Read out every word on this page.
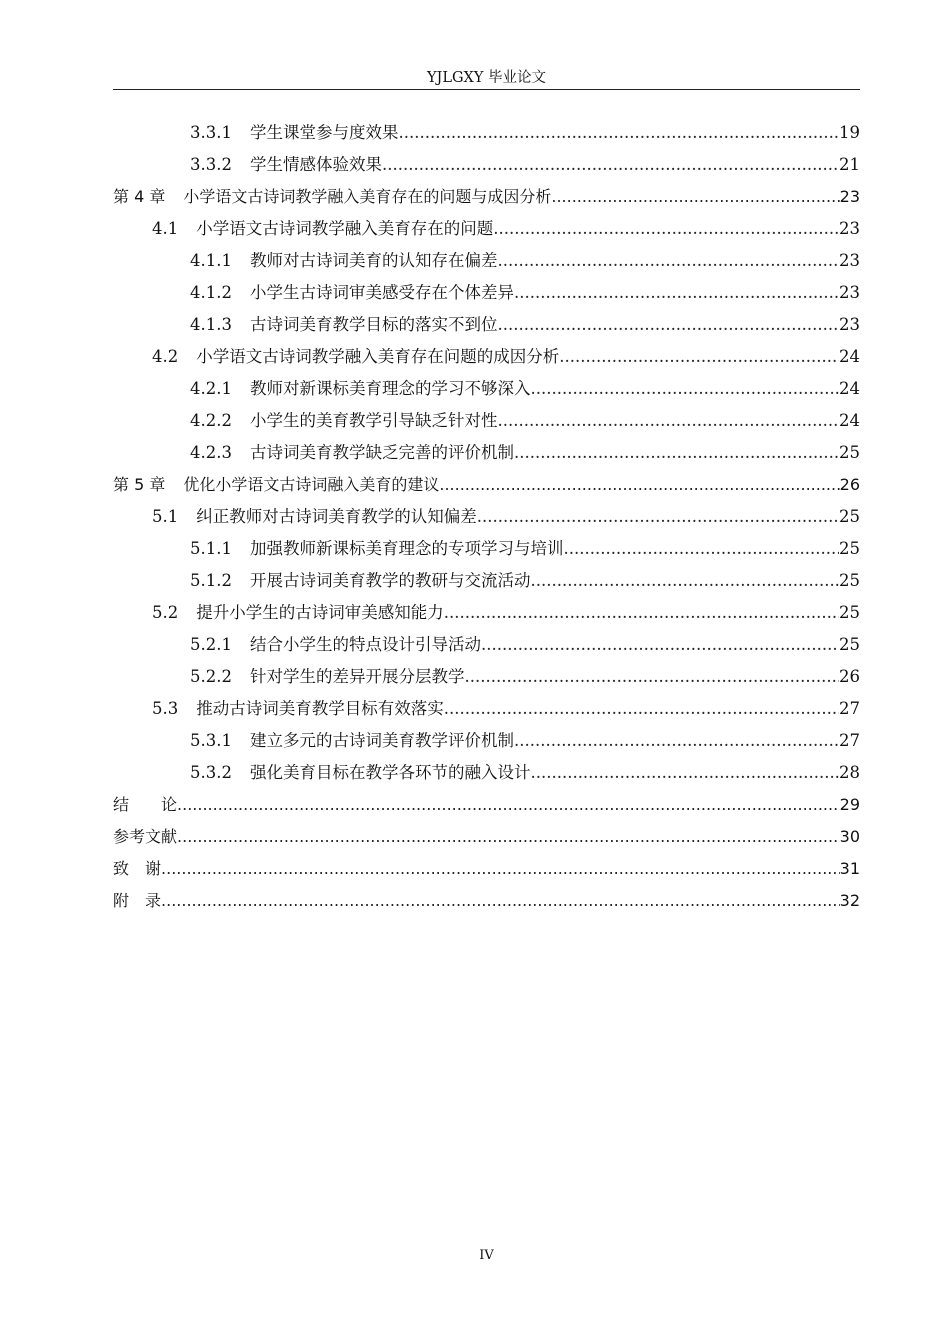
YJLGXY 毕业论文
3.3.1 学生课堂参与度效果 .....	19
3.3.2 学生情感体验效果 .....	21
第 4 章 小学语文古诗词教学融入美育存在的问题与成因分析 .....	23
4.1 小学语文古诗词教学融入美育存在的问题 .....	23
4.1.1 教师对古诗词美育的认知存在偏差 .....	23
4.1.2 小学生古诗词审美感受存在个体差异 .....	23
4.1.3 古诗词美育教学目标的落实不到位 .....	23
4.2 小学语文古诗词教学融入美育存在问题的成因分析 .....	24
4.2.1 教师对新课标美育理念的学习不够深入 .....	24
4.2.2 小学生的美育教学引导缺乏针对性 .....	24
4.2.3 古诗词美育教学缺乏完善的评价机制 .....	25
第 5 章 优化小学语文古诗词融入美育的建议 .....	26
5.1 纠正教师对古诗词美育教学的认知偏差 .....	25
5.1.1 加强教师新课标美育理念的专项学习与培训 .....	25
5.1.2 开展古诗词美育教学的教研与交流活动 .....	25
5.2 提升小学生的古诗词审美感知能力 .....	25
5.2.1 结合小学生的特点设计引导活动 .....	25
5.2.2 针对学生的差异开展分层教学 .....	26
5.3 推动古诗词美育教学目标有效落实 .....	27
5.3.1 建立多元的古诗词美育教学评价机制 .....	27
5.3.2 强化美育目标在教学各环节的融入设计 .....	28
结　　论 .....	29
参考文献 .....	30
致　谢 .....	31
附　录 .....	32
IV
